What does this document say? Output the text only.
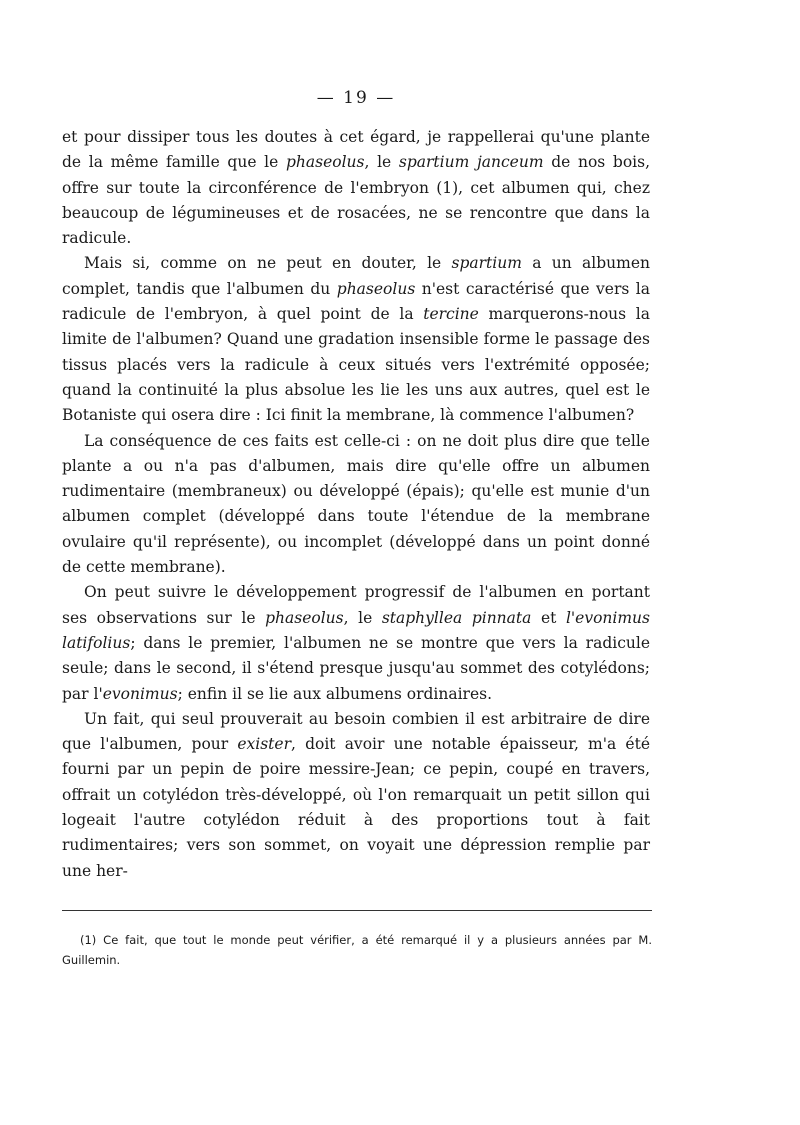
— 19 —

et pour dissiper tous les doutes à cet égard, je rappellerai qu'une plante de la même famille que le phaseolus, le spartium janceum de nos bois, offre sur toute la circonférence de l'embryon (1), cet albumen qui, chez beaucoup de légumineuses et de rosacées, ne se rencontre que dans la radicule.

Mais si, comme on ne peut en douter, le spartium a un albumen complet, tandis que l'albumen du phaseolus n'est caractérisé que vers la radicule de l'embryon, à quel point de la tercine marquerons-nous la limite de l'albumen? Quand une gradation insensible forme le passage des tissus placés vers la radicule à ceux situés vers l'extrémité opposée; quand la continuité la plus absolue les lie les uns aux autres, quel est le Botaniste qui osera dire : Ici finit la membrane, là commence l'albumen?

La conséquence de ces faits est celle-ci : on ne doit plus dire que telle plante a ou n'a pas d'albumen, mais dire qu'elle offre un albumen rudimentaire (membraneux) ou développé (épais); qu'elle est munie d'un albumen complet (développé dans toute l'étendue de la membrane ovulaire qu'il représente), ou incomplet (développé dans un point donné de cette membrane).

On peut suivre le développement progressif de l'albumen en portant ses observations sur le phaseolus, le staphyllea pinnata et l'evonimus latifolius; dans le premier, l'albumen ne se montre que vers la radicule seule; dans le second, il s'étend presque jusqu'au sommet des cotylédons; par l'evonimus; enfin il se lie aux albumens ordinaires.

Un fait, qui seul prouverait au besoin combien il est arbitraire de dire que l'albumen, pour exister, doit avoir une notable épaisseur, m'a été fourni par un pepin de poire messire-Jean; ce pepin, coupé en travers, offrait un cotylédon très-développé, où l'on remarquait un petit sillon qui logeait l'autre cotylédon réduit à des proportions tout à fait rudimentaires; vers son sommet, on voyait une dépression remplie par une her-

(1) Ce fait, que tout le monde peut vérifier, a été remarqué il y a plusieurs années par M. Guillemin.
